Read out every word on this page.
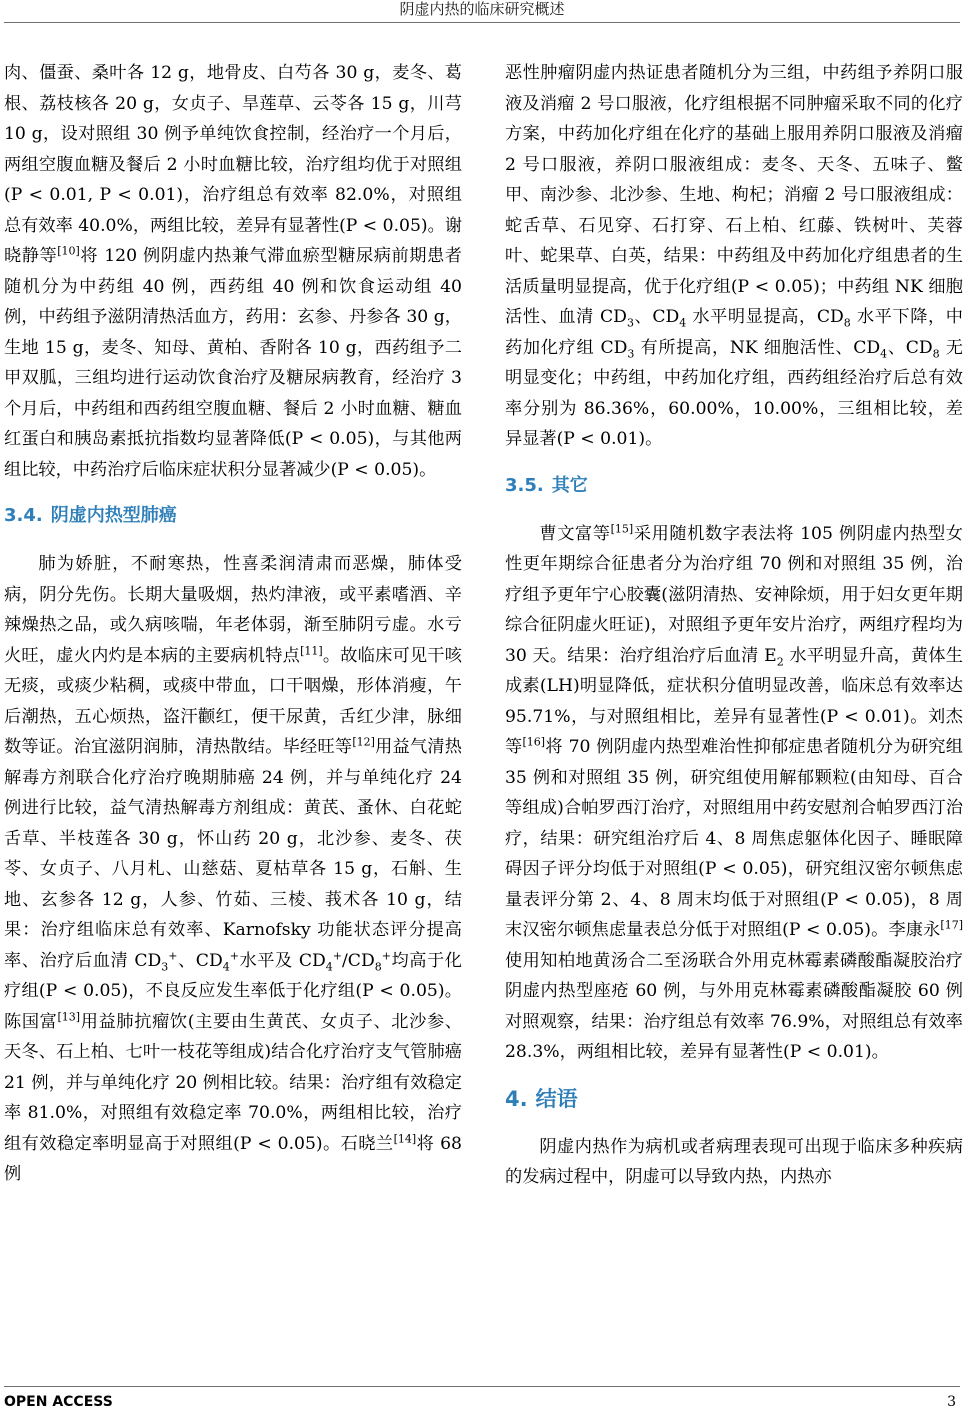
阴虚内热的临床研究概述

肉、僵蚕、桑叶各 12 g，地骨皮、白芍各 30 g，麦冬、葛根、荔枝核各 20 g，女贞子、旱莲草、云苓各 15 g，川芎 10 g，设对照组 30 例予单纯饮食控制，经治疗一个月后，两组空腹血糖及餐后 2 小时血糖比较，治疗组均优于对照组(P < 0.01, P < 0.01)，治疗组总有效率 82.0%，对照组总有效率 40.0%，两组比较，差异有显著性(P < 0.05)。谢晓静等[10]将 120 例阴虚内热兼气滞血瘀型糖尿病前期患者随机分为中药组 40 例，西药组 40 例和饮食运动组 40 例，中药组予滋阴清热活血方，药用：玄参、丹参各 30 g，生地 15 g，麦冬、知母、黄柏、香附各 10 g，西药组予二甲双胍，三组均进行运动饮食治疗及糖尿病教育，经治疗 3 个月后，中药组和西药组空腹血糖、餐后 2 小时血糖、糖血红蛋白和胰岛素抵抗指数均显著降低(P < 0.05)，与其他两组比较，中药治疗后临床症状积分显著减少(P < 0.05)。

3.4. 阴虚内热型肺癌

肺为娇脏，不耐寒热，性喜柔润清肃而恶燥，肺体受病，阴分先伤。长期大量吸烟，热灼津液，或平素嗜酒、辛辣燥热之品，或久病咳喘，年老体弱，渐至肺阴亏虚。水亏火旺，虚火内灼是本病的主要病机特点[11]。故临床可见干咳无痰，或痰少粘稠，或痰中带血，口干咽燥，形体消瘦，午后潮热，五心烦热，盗汗颧红，便干尿黄，舌红少津，脉细数等证。治宜滋阴润肺，清热散结。毕经旺等[12]用益气清热解毒方剂联合化疗治疗晚期肺癌 24 例，并与单纯化疗 24 例进行比较，益气清热解毒方剂组成：黄芪、蚤休、白花蛇舌草、半枝莲各 30 g，怀山药 20 g，北沙参、麦冬、茯苓、女贞子、八月札、山慈菇、夏枯草各 15 g，石斛、生地、玄参各 12 g，人参、竹茹、三棱、莪术各 10 g，结果：治疗组临床总有效率、Karnofsky 功能状态评分提高率、治疗后血清 $CD_3^+$、$CD_4^+$水平及 $CD_4^+/CD_8^+$均高于化疗组(P < 0.05)，不良反应发生率低于化疗组(P < 0.05)。陈国富[13]用益肺抗瘤饮(主要由生黄芪、女贞子、北沙参、天冬、石上柏、七叶一枝花等组成)结合化疗治疗支气管肺癌 21 例，并与单纯化疗 20 例相比较。结果：治疗组有效稳定率 81.0%，对照组有效稳定率 70.0%，两组相比较，治疗组有效稳定率明显高于对照组(P < 0.05)。石晓兰[14]将 68 例

恶性肿瘤阴虚内热证患者随机分为三组，中药组予养阴口服液及消瘤 2 号口服液，化疗组根据不同肿瘤采取不同的化疗方案，中药加化疗组在化疗的基础上服用养阴口服液及消瘤 2 号口服液，养阴口服液组成：麦冬、天冬、五味子、鳖甲、南沙参、北沙参、生地、枸杞；消瘤 2 号口服液组成：蛇舌草、石见穿、石打穿、石上柏、红藤、铁树叶、芙蓉叶、蛇果草、白英，结果：中药组及中药加化疗组患者的生活质量明显提高，优于化疗组(P < 0.05)；中药组 NK 细胞活性、血清 $CD_3$、$CD_4$ 水平明显提高，$CD_8$ 水平下降，中药加化疗组 $CD_3$ 有所提高，NK 细胞活性、$CD_4$、$CD_8$ 无明显变化；中药组，中药加化疗组，西药组经治疗后总有效率分别为 86.36%，60.00%，10.00%，三组相比较，差异显著(P < 0.01)。

3.5. 其它

曹文富等[15]采用随机数字表法将 105 例阴虚内热型女性更年期综合征患者分为治疗组 70 例和对照组 35 例，治疗组予更年宁心胶囊(滋阴清热、安神除烦，用于妇女更年期综合征阴虚火旺证)，对照组予更年安片治疗，两组疗程均为 30 天。结果：治疗组治疗后血清 $E_2$ 水平明显升高，黄体生成素(LH)明显降低，症状积分值明显改善，临床总有效率达 95.71%，与对照组相比，差异有显著性(P < 0.01)。刘杰等[16]将 70 例阴虚内热型难治性抑郁症患者随机分为研究组 35 例和对照组 35 例，研究组使用解郁颗粒(由知母、百合等组成)合帕罗西汀治疗，对照组用中药安慰剂合帕罗西汀治疗，结果：研究组治疗后 4、8 周焦虑躯体化因子、睡眠障碍因子评分均低于对照组(P < 0.05)，研究组汉密尔顿焦虑量表评分第 2、4、8 周末均低于对照组(P < 0.05)，8 周末汉密尔顿焦虑量表总分低于对照组(P < 0.05)。李康永[17]使用知柏地黄汤合二至汤联合外用克林霉素磷酸酯凝胶治疗阴虚内热型座疮 60 例，与外用克林霉素磷酸酯凝胶 60 例对照观察，结果：治疗组总有效率 76.9%，对照组总有效率 28.3%，两组相比较，差异有显著性(P < 0.01)。

4. 结语

阴虚内热作为病机或者病理表现可出现于临床多种疾病的发病过程中，阴虚可以导致内热，内热亦

OPEN ACCESS	3
